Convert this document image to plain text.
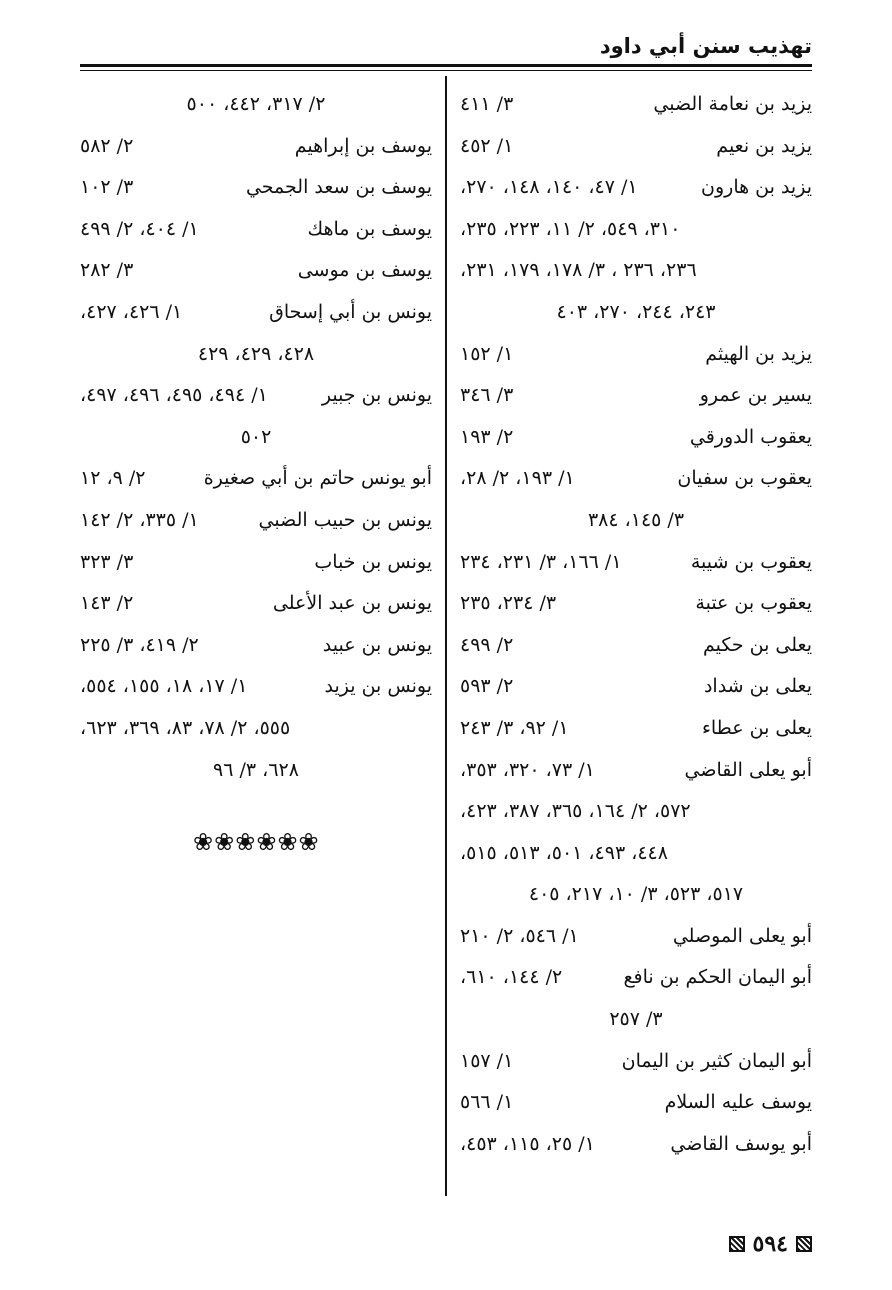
تهذيب سنن أبي داود
يزيد بن نعامة الضبي
٣/ ٤١١
يزيد بن نعيم
١/ ٤٥٢
يزيد بن هارون
١/ ٤٧، ١٤٠، ١٤٨، ٢٧٠،
٣١٠، ٥٤٩، ٢/ ١١، ٢٢٣، ٢٣٥،
٢٣٦، ٢٣٦ ، ٣/ ١٧٨، ١٧٩، ٢٣١،
٢٤٣، ٢٤٤، ٢٧٠، ٤٠٣
يزيد بن الهيثم
١/ ١٥٢
يسير بن عمرو
٣/ ٣٤٦
يعقوب الدورقي
٢/ ١٩٣
يعقوب بن سفيان
١/ ١٩٣، ٢/ ٢٨،
٣/ ١٤٥، ٣٨٤
يعقوب بن شيبة
١/ ١٦٦، ٣/ ٢٣١، ٢٣٤
يعقوب بن عتبة
٣/ ٢٣٤، ٢٣٥
يعلى بن حكيم
٢/ ٤٩٩
يعلى بن شداد
٢/ ٥٩٣
يعلى بن عطاء
١/ ٩٢، ٣/ ٢٤٣
أبو يعلى القاضي
١/ ٧٣، ٣٢٠، ٣٥٣،
٥٧٢، ٢/ ١٦٤، ٣٦٥، ٣٨٧، ٤٢٣،
٤٤٨، ٤٩٣، ٥٠١، ٥١٣، ٥١٥،
٥١٧، ٥٢٣، ٣/ ١٠، ٢١٧، ٤٠٥
أبو يعلى الموصلي
١/ ٥٤٦، ٢/ ٢١٠
أبو اليمان الحكم بن نافع
٢/ ١٤٤، ٦١٠،
٣/ ٢٥٧
أبو اليمان كثير بن اليمان
١/ ١٥٧
يوسف عليه السلام
١/ ٥٦٦
أبو يوسف القاضي
١/ ٢٥، ١١٥، ٤٥٣،
٢/ ٣١٧، ٤٤٢، ٥٠٠
يوسف بن إبراهيم
٢/ ٥٨٢
يوسف بن سعد الجمحي
٣/ ١٠٢
يوسف بن ماهك
١/ ٤٠٤، ٢/ ٤٩٩
يوسف بن موسى
٣/ ٢٨٢
يونس بن أبي إسحاق
١/ ٤٢٦، ٤٢٧،
٤٢٨، ٤٢٩، ٤٢٩
يونس بن جبير
١/ ٤٩٤، ٤٩٥، ٤٩٦، ٤٩٧،
٥٠٢
أبو يونس حاتم بن أبي صغيرة
٢/ ٩، ١٢
يونس بن حبيب الضبي
١/ ٣٣٥، ٢/ ١٤٢
يونس بن خباب
٣/ ٣٢٣
يونس بن عبد الأعلى
٢/ ١٤٣
يونس بن عبيد
٢/ ٤١٩، ٣/ ٢٢٥
يونس بن يزيد
١/ ١٧، ١٨، ١٥٥، ٥٥٤،
٥٥٥، ٢/ ٧٨، ٨٣، ٣٦٩، ٦٢٣،
٦٢٨، ٣/ ٩٦
❀❀❀❀❀❀
٥٩٤
